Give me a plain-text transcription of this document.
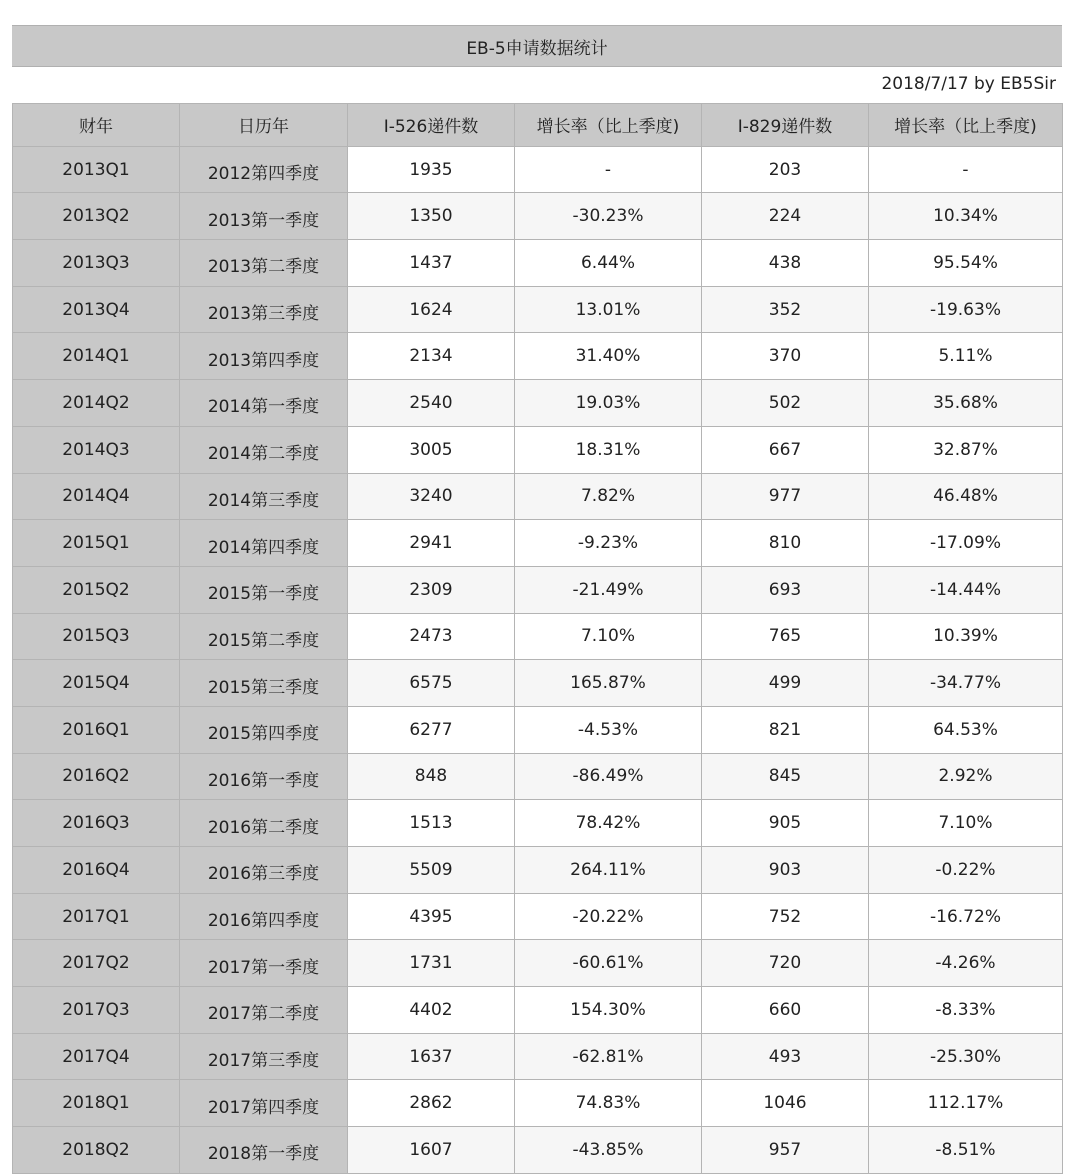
EB-5申请数据统计
2018/7/17 by EB5Sir
财年	日历年	I-526递件数	增长率（比上季度)	I-829递件数	增长率（比上季度)
2013Q1	2012第四季度	1935	-	203	-
2013Q2	2013第一季度	1350	-30.23%	224	10.34%
2013Q3	2013第二季度	1437	6.44%	438	95.54%
2013Q4	2013第三季度	1624	13.01%	352	-19.63%
2014Q1	2013第四季度	2134	31.40%	370	5.11%
2014Q2	2014第一季度	2540	19.03%	502	35.68%
2014Q3	2014第二季度	3005	18.31%	667	32.87%
2014Q4	2014第三季度	3240	7.82%	977	46.48%
2015Q1	2014第四季度	2941	-9.23%	810	-17.09%
2015Q2	2015第一季度	2309	-21.49%	693	-14.44%
2015Q3	2015第二季度	2473	7.10%	765	10.39%
2015Q4	2015第三季度	6575	165.87%	499	-34.77%
2016Q1	2015第四季度	6277	-4.53%	821	64.53%
2016Q2	2016第一季度	848	-86.49%	845	2.92%
2016Q3	2016第二季度	1513	78.42%	905	7.10%
2016Q4	2016第三季度	5509	264.11%	903	-0.22%
2017Q1	2016第四季度	4395	-20.22%	752	-16.72%
2017Q2	2017第一季度	1731	-60.61%	720	-4.26%
2017Q3	2017第二季度	4402	154.30%	660	-8.33%
2017Q4	2017第三季度	1637	-62.81%	493	-25.30%
2018Q1	2017第四季度	2862	74.83%	1046	112.17%
2018Q2	2018第一季度	1607	-43.85%	957	-8.51%
